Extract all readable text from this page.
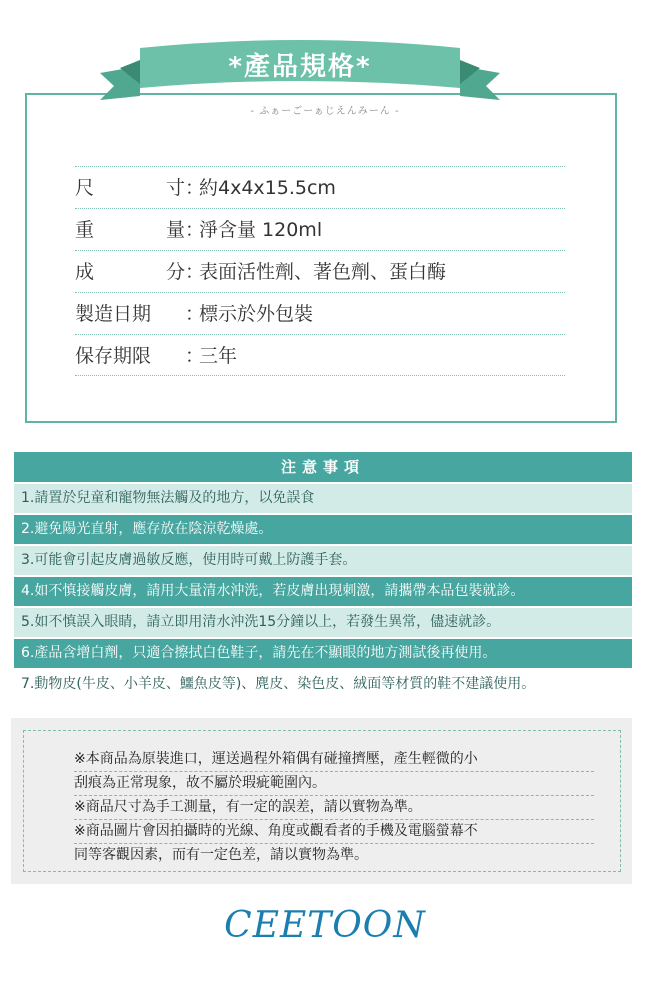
*產品規格*
- ふぁーごーぁじえんみーん -
尺	寸 ：
約4x4x15.5cm
重	量 ：
淨含量 120ml
成	分 ：
表面活性劑、著色劑、蛋白酶
製造日期 ：
標示於外包裝
保存期限 ：
三年
注意事項
1.請置於兒童和寵物無法觸及的地方，以免誤食
2.避免陽光直射，應存放在陰涼乾燥處。
3.可能會引起皮膚過敏反應，使用時可戴上防護手套。
4.如不慎接觸皮膚，請用大量清水沖洗，若皮膚出現刺激，請攜帶本品包裝就診。
5.如不慎誤入眼睛，請立即用清水沖洗15分鐘以上，若發生異常，儘速就診。
6.產品含增白劑，只適合擦拭白色鞋子，請先在不顯眼的地方測試後再使用。
7.動物皮(牛皮、小羊皮、鱷魚皮等)、麂皮、染色皮、絨面等材質的鞋不建議使用。
※本商品為原裝進口，運送過程外箱偶有碰撞擠壓，產生輕微的小
刮痕為正常現象，故不屬於瑕疵範圍內。
※商品尺寸為手工測量，有一定的誤差，請以實物為準。
※商品圖片會因拍攝時的光線、角度或觀看者的手機及電腦螢幕不
同等客觀因素，而有一定色差，請以實物為準。
CEETOON
